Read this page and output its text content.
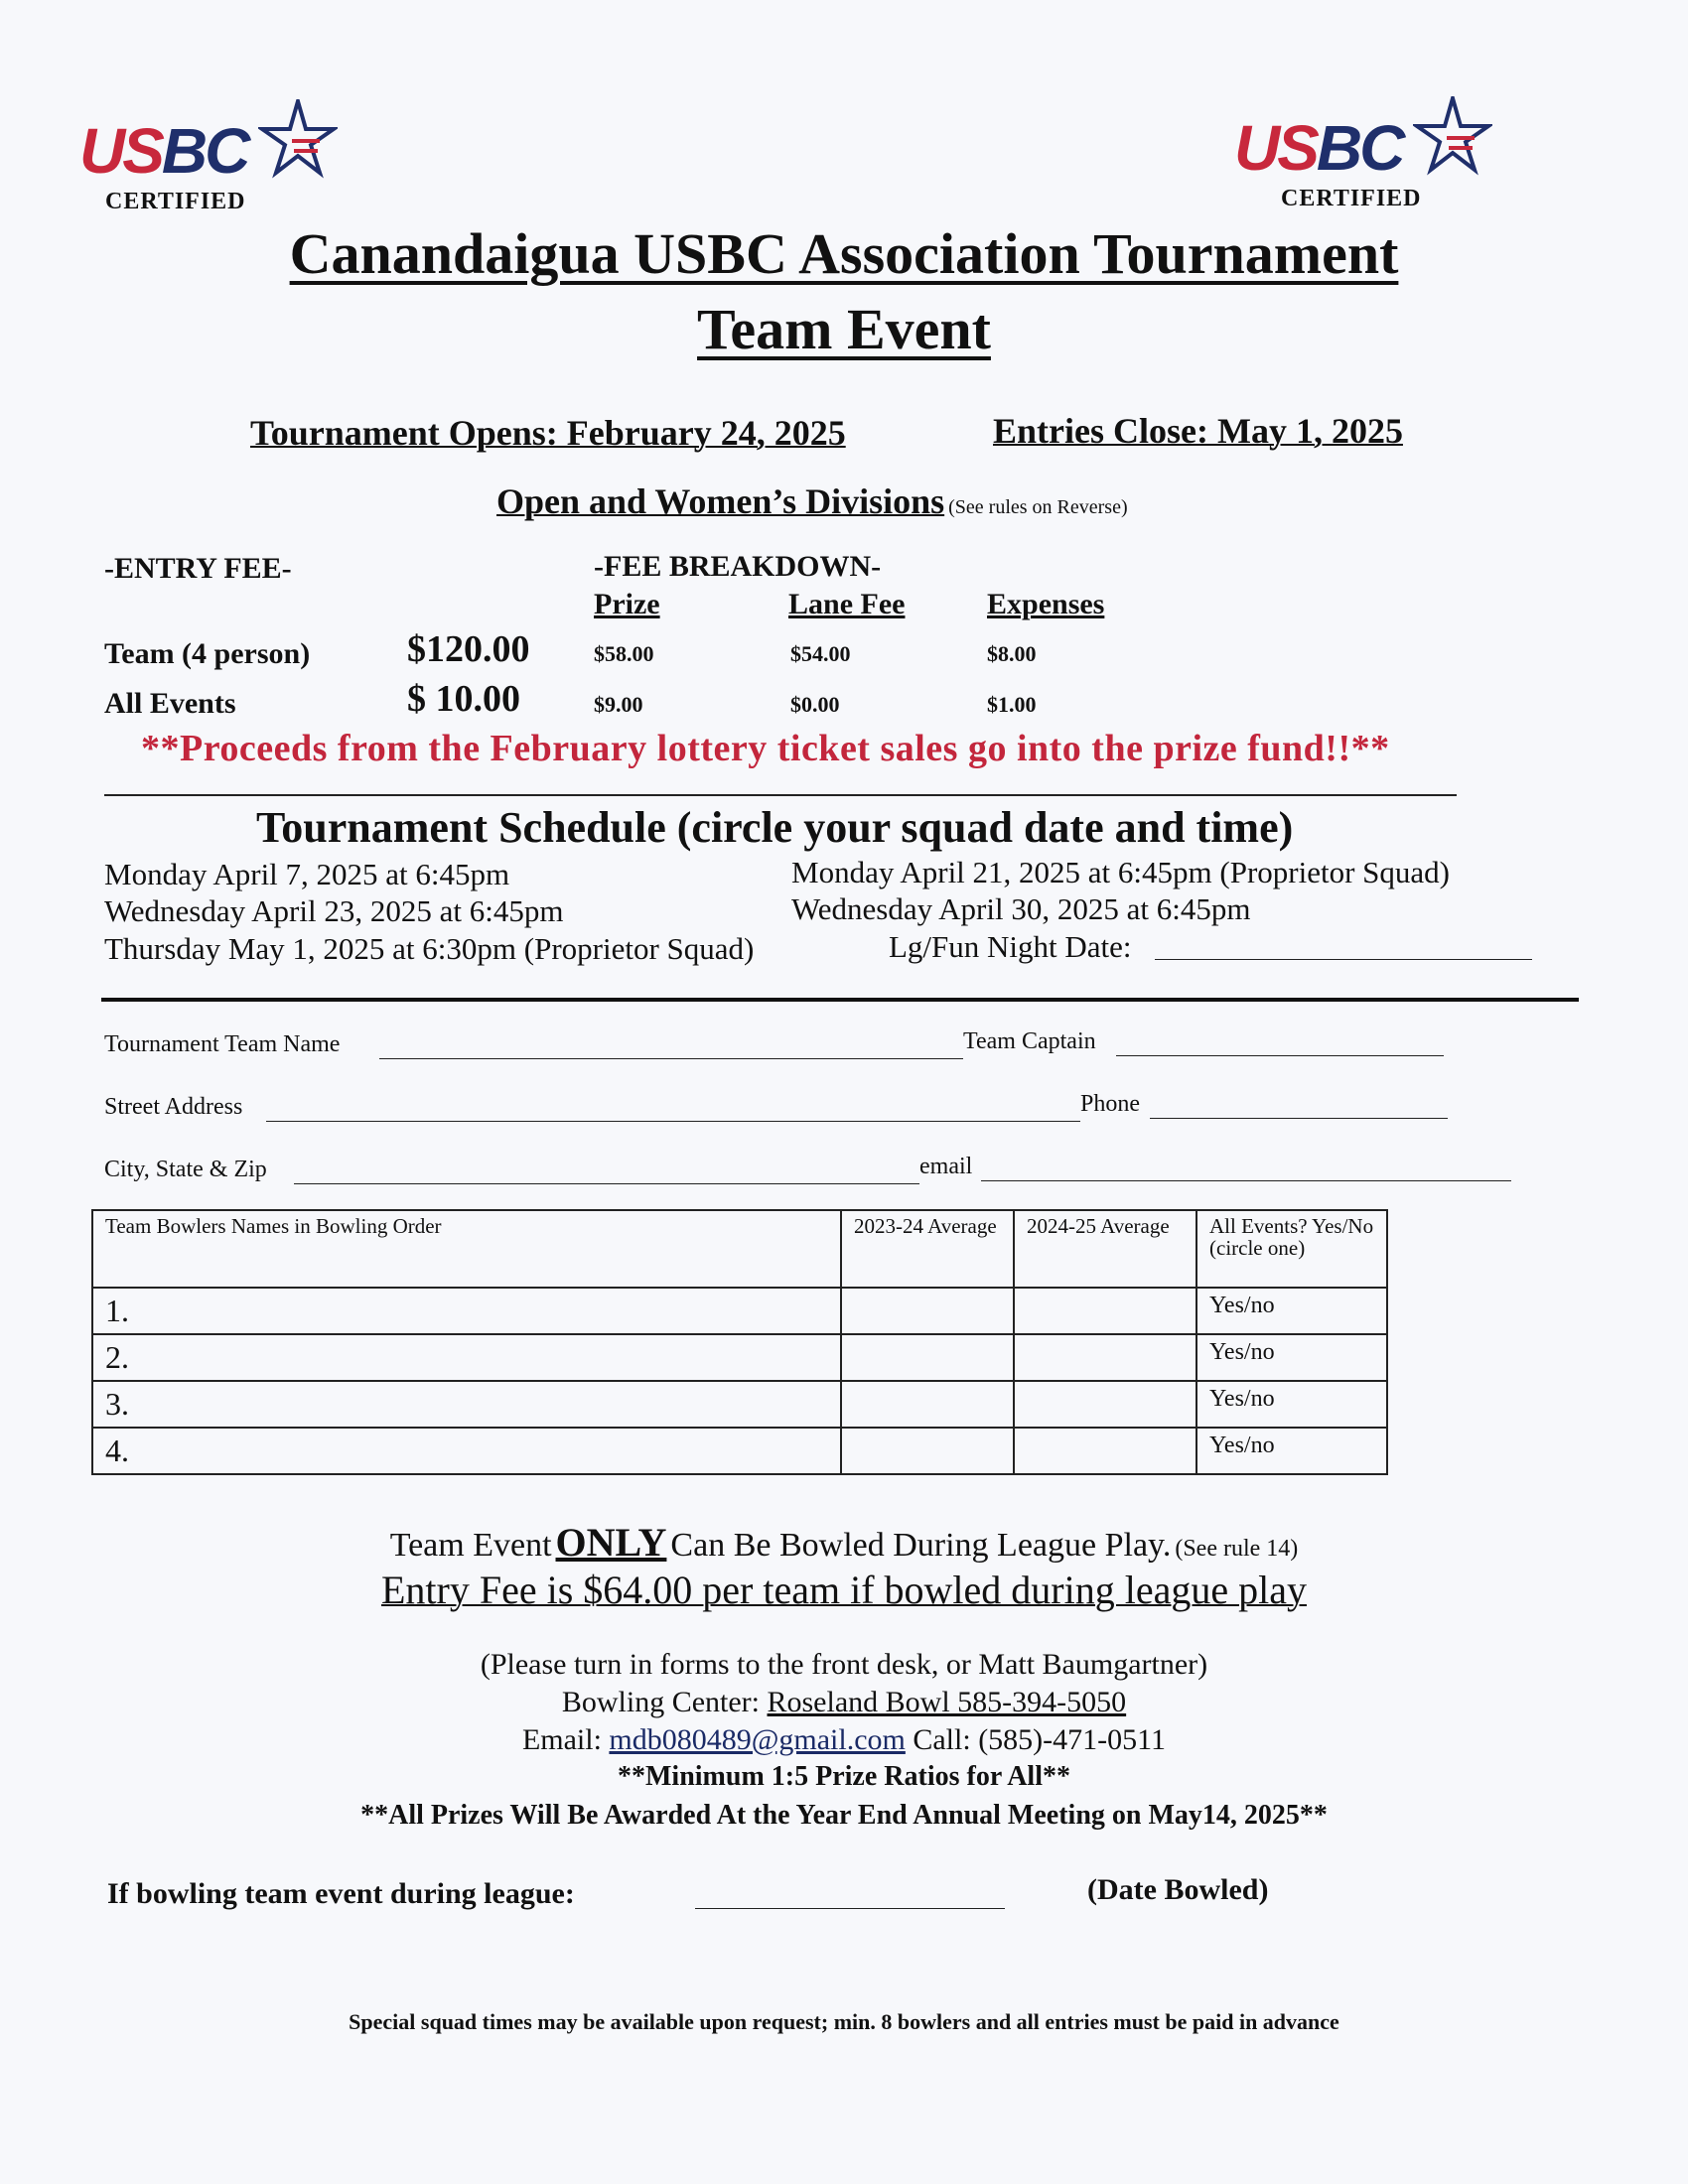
USBC
CERTIFIED
USBC
CERTIFIED
Canandaigua USBC Association Tournament
Team Event
Tournament Opens: February 24, 2025	Entries Close: May 1, 2025
Open and Women’s Divisions (See rules on Reverse)
-ENTRY FEE-	-FEE BREAKDOWN-
Prize	Lane Fee	Expenses
Team (4 person)	$120.00	$58.00	$54.00	$8.00
All Events	$ 10.00	$9.00	$0.00	$1.00
**Proceeds from the February lottery ticket sales go into the prize fund!!**
Tournament Schedule (circle your squad date and time)
Monday April 7, 2025 at 6:45pm
Wednesday April 23, 2025 at 6:45pm
Thursday May 1, 2025 at 6:30pm (Proprietor Squad)
Monday April 21, 2025 at 6:45pm (Proprietor Squad)
Wednesday April 30, 2025 at 6:45pm
Lg/Fun Night Date:
Tournament Team Name	Team Captain
Street Address	Phone
City, State & Zip	email
Team Bowlers Names in Bowling Order	2023-24 Average	2024-25 Average	All Events? Yes/No (circle one)
1.			Yes/no
2.			Yes/no
3.			Yes/no
4.			Yes/no
Team Event ONLY Can Be Bowled During League Play. (See rule 14)
Entry Fee is $64.00 per team if bowled during league play
(Please turn in forms to the front desk, or Matt Baumgartner)
Bowling Center: Roseland Bowl 585-394-5050
Email: mdb080489@gmail.com Call: (585)-471-0511
**Minimum 1:5 Prize Ratios for All**
**All Prizes Will Be Awarded At the Year End Annual Meeting on May14, 2025**
If bowling team event during league:	(Date Bowled)
Special squad times may be available upon request; min. 8 bowlers and all entries must be paid in advance
